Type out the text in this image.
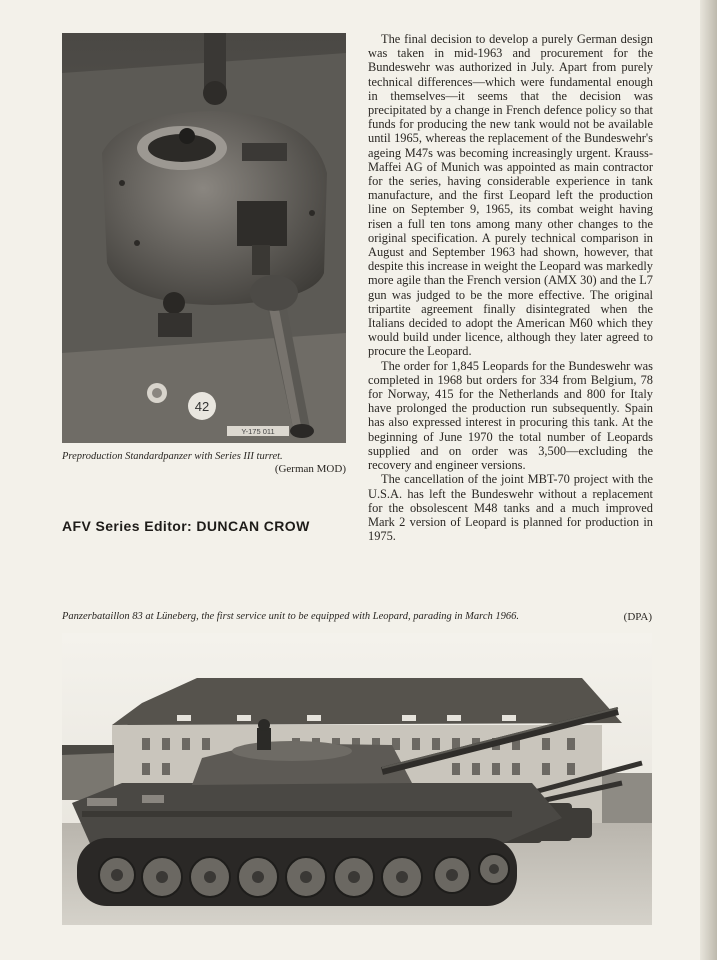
42
Y-175 011
Preproduction Standardpanzer with Series III turret.
(German MOD)
AFV Series Editor: DUNCAN CROW

The final decision to develop a purely German design was taken in mid-1963 and procurement for the Bundeswehr was authorized in July. Apart from purely technical differences—which were fundamental enough in themselves—it seems that the decision was precipitated by a change in French defence policy so that funds for producing the new tank would not be available until 1965, whereas the replacement of the Bundeswehr's ageing M47s was becoming increasingly urgent. Krauss-Maffei AG of Munich was appointed as main contractor for the series, having considerable experience in tank manufacture, and the first Leopard left the production line on September 9, 1965, its combat weight having risen a full ten tons among many other changes to the original specification. A purely technical comparison in August and September 1963 had shown, however, that despite this increase in weight the Leopard was markedly more agile than the French version (AMX 30) and the L7 gun was judged to be the more effective. The original tripartite agreement finally disintegrated when the Italians decided to adopt the American M60 which they would build under licence, although they later agreed to procure the Leopard.

The order for 1,845 Leopards for the Bundeswehr was completed in 1968 but orders for 334 from Belgium, 78 for Norway, 415 for the Netherlands and 800 for Italy have prolonged the production run subsequently. Spain has also expressed interest in procuring this tank. At the beginning of June 1970 the total number of Leopards supplied and on order was 3,500—excluding the recovery and engineer versions.

The cancellation of the joint MBT-70 project with the U.S.A. has left the Bundeswehr without a replacement for the obsolescent M48 tanks and a much improved Mark 2 version of Leopard is planned for production in 1975.

Panzerbataillon 83 at Lüneberg, the first service unit to be equipped with Leopard, parading in March 1966.	(DPA)
